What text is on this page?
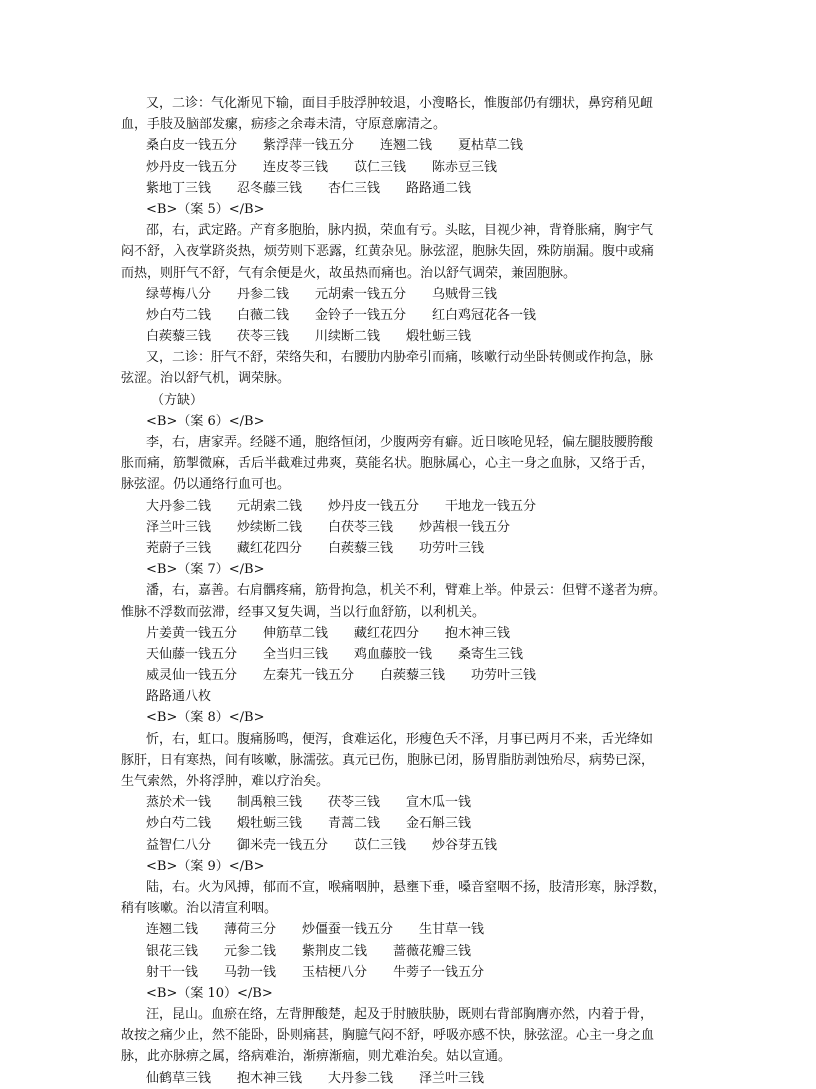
又，二诊：气化渐见下输，面目手肢浮肿较退，小溲略长，惟腹部仍有绷状，鼻窍稍见衄
血，手肢及脑部发瘰，疬疹之余毒未清，守原意廓清之。
桑白皮一钱五分 紫浮萍一钱五分 连翘二钱 夏枯草二钱
炒丹皮一钱五分 连皮苓三钱 苡仁三钱 陈赤豆三钱
紫地丁三钱 忍冬藤三钱 杏仁三钱 路路通二钱
<B>（案 5）</B>
邵，右，武定路。产育多胞胎，脉内损，荣血有亏。头眩，目视少神，背脊胀痛，胸宇气
闷不舒，入夜掌跻炎热，烦劳则下恶露，红黄杂见。脉弦涩，胞脉失固，殊防崩漏。腹中或痛
而热，则肝气不舒，气有余便是火，故虽热而痛也。治以舒气调荣，兼固胞脉。
绿萼梅八分 丹参二钱 元胡索一钱五分 乌贼骨三钱
炒白芍二钱 白薇二钱 金铃子一钱五分 红白鸡冠花各一钱
白蒺藜三钱 茯苓三钱 川续断二钱 煅牡蛎三钱
又，二诊：肝气不舒，荣络失和，右腰肋内胁牵引而痛，咳嗽行动坐卧转侧或作拘急，脉
弦涩。治以舒气机，调荣脉。
（方缺）
<B>（案 6）</B>
李，右，唐家弄。经隧不通，胞络恒闭，少腹两旁有癖。近日咳呛见轻，偏左腿肢腰胯酸
胀而痛，筋掣微麻，舌后半截难过弗爽，莫能名状。胞脉属心，心主一身之血脉，又络于舌，
脉弦涩。仍以通络行血可也。
大丹参二钱 元胡索二钱 炒丹皮一钱五分 干地龙一钱五分
泽兰叶三钱 炒续断二钱 白茯苓三钱 炒茜根一钱五分
茺蔚子三钱 藏红花四分 白蒺藜三钱 功劳叶三钱
<B>（案 7）</B>
潘，右，嘉善。右肩髃疼痛，筋骨拘急，机关不利，臂难上举。仲景云：但臂不遂者为痹。
惟脉不浮数而弦滞，经事又复失调，当以行血舒筋，以利机关。
片姜黄一钱五分 伸筋草二钱 藏红花四分 抱木神三钱
天仙藤一钱五分 全当归三钱 鸡血藤胶一钱 桑寄生三钱
威灵仙一钱五分 左秦艽一钱五分 白蒺藜三钱 功劳叶三钱
路路通八枚
<B>（案 8）</B>
忻，右，虹口。腹痛肠鸣，便泻，食难运化，形瘦色夭不泽，月事已两月不来，舌光绛如
豚肝，日有寒热，间有咳嗽，脉濡弦。真元已伤，胞脉已闭，肠胃脂肪剥蚀殆尽，病势已深，
生气索然，外将浮肿，难以疗治矣。
蒸於术一钱 制禹粮三钱 茯苓三钱 宣木瓜一钱
炒白芍二钱 煅牡蛎三钱 青蒿二钱 金石斛三钱
益智仁八分 御米壳一钱五分 苡仁三钱 炒谷芽五钱
<B>（案 9）</B>
陆，右。火为风搏，郁而不宣，喉痛咽肿，悬壅下垂，嗓音窒咽不扬，肢清形寒，脉浮数，
稍有咳嗽。治以清宣利咽。
连翘二钱 薄荷三分 炒僵蚕一钱五分 生甘草一钱
银花三钱 元参二钱 紫荆皮二钱 蔷薇花瓣三钱
射干一钱 马勃一钱 玉桔梗八分 牛蒡子一钱五分
<B>（案 10）</B>
汪，昆山。血瘀在络，左背胛酸楚，起及于肘腋肤胁，既则右背部胸膺亦然，内着于骨，
故按之痛少止，然不能卧，卧则痛甚，胸臆气闷不舒，呼吸亦感不快，脉弦涩。心主一身之血
脉，此亦脉痹之属，络病难治，渐痹渐痼，则尤难治矣。姑以宣通。
仙鹤草三钱 抱木神三钱 大丹参二钱 泽兰叶三钱
